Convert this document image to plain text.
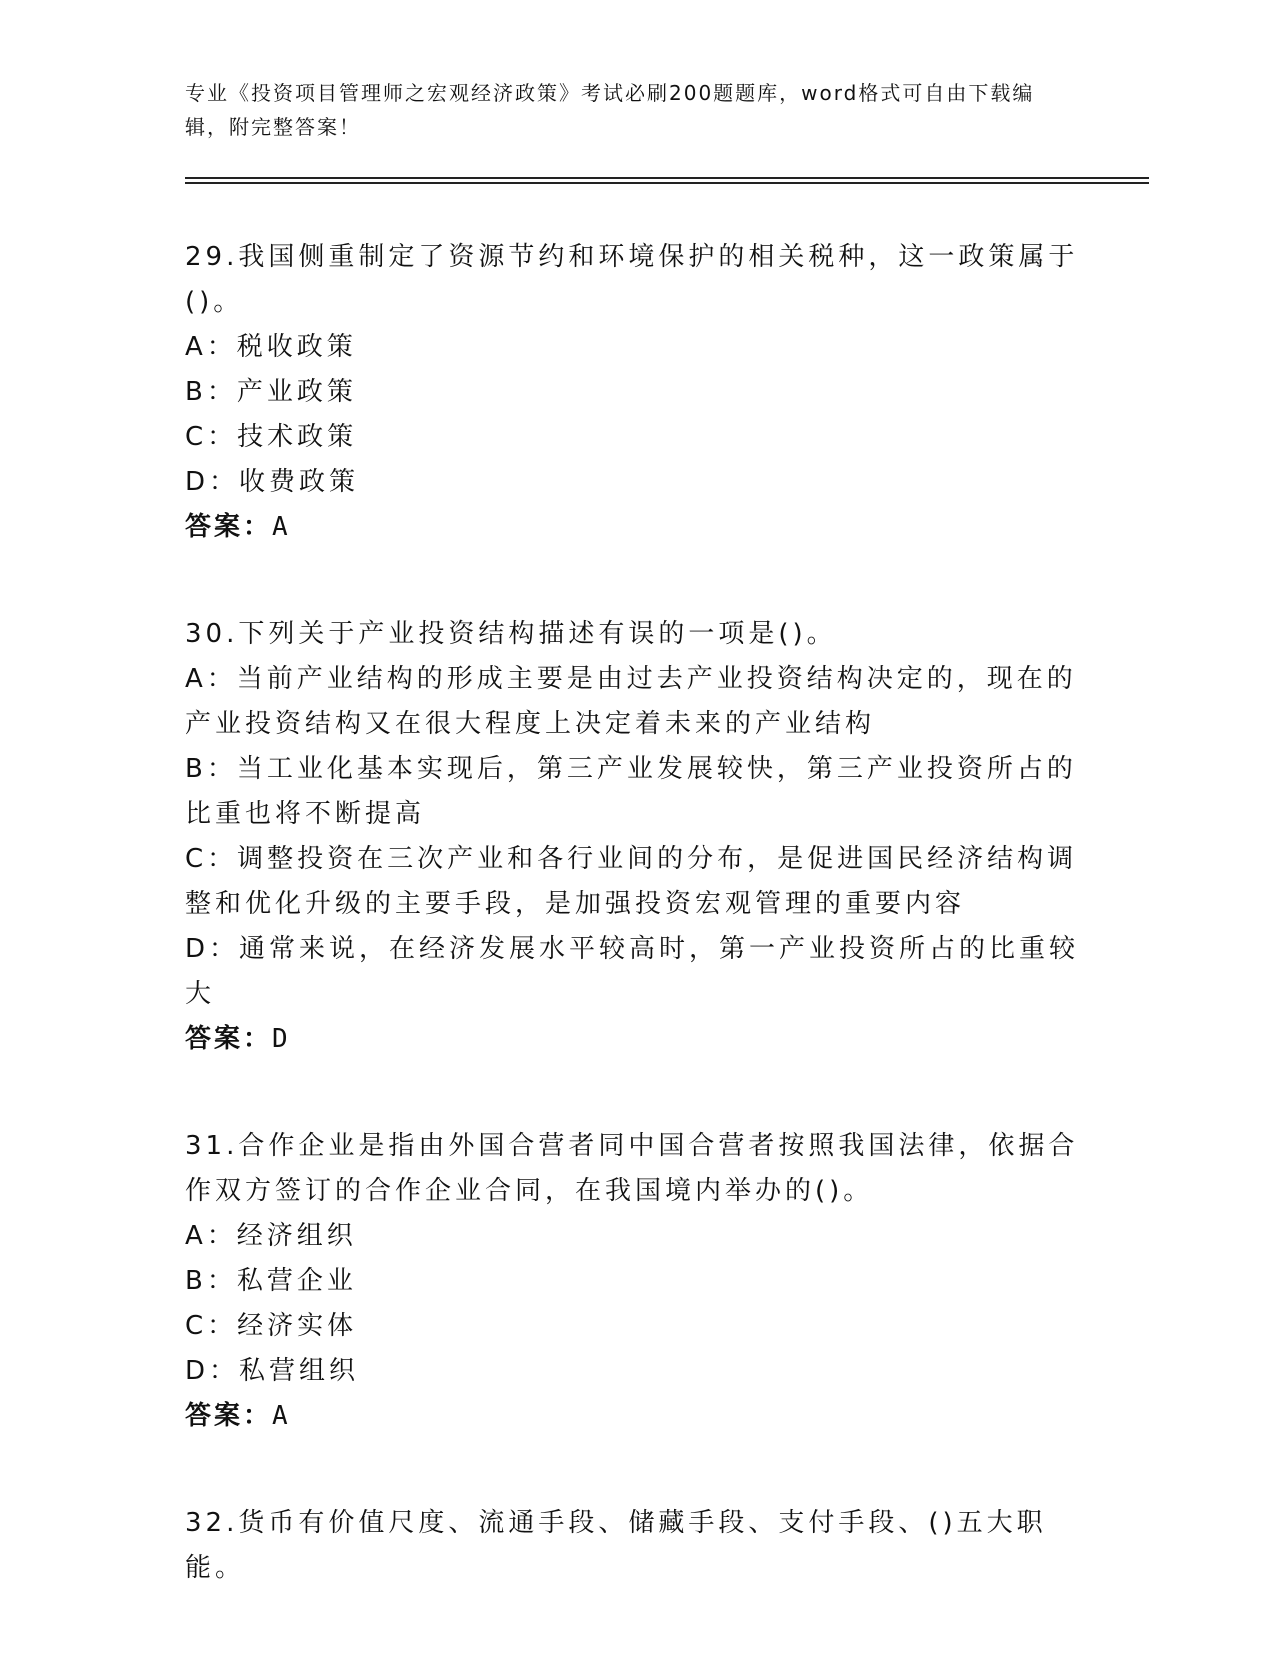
专业《投资项目管理师之宏观经济政策》考试必刷200题题库，word格式可自由下载编辑，附完整答案！

29.我国侧重制定了资源节约和环境保护的相关税种，这一政策属于()。

A：税收政策

B：产业政策

C：技术政策

D：收费政策

答案：A

30.下列关于产业投资结构描述有误的一项是()。

A：当前产业结构的形成主要是由过去产业投资结构决定的，现在的产业投资结构又在很大程度上决定着未来的产业结构

B：当工业化基本实现后，第三产业发展较快，第三产业投资所占的比重也将不断提高

C：调整投资在三次产业和各行业间的分布，是促进国民经济结构调整和优化升级的主要手段，是加强投资宏观管理的重要内容

D：通常来说，在经济发展水平较高时，第一产业投资所占的比重较大

答案：D

31.合作企业是指由外国合营者同中国合营者按照我国法律，依据合作双方签订的合作企业合同，在我国境内举办的()。

A：经济组织

B：私营企业

C：经济实体

D：私营组织

答案：A

32.货币有价值尺度、流通手段、储藏手段、支付手段、()五大职能。
